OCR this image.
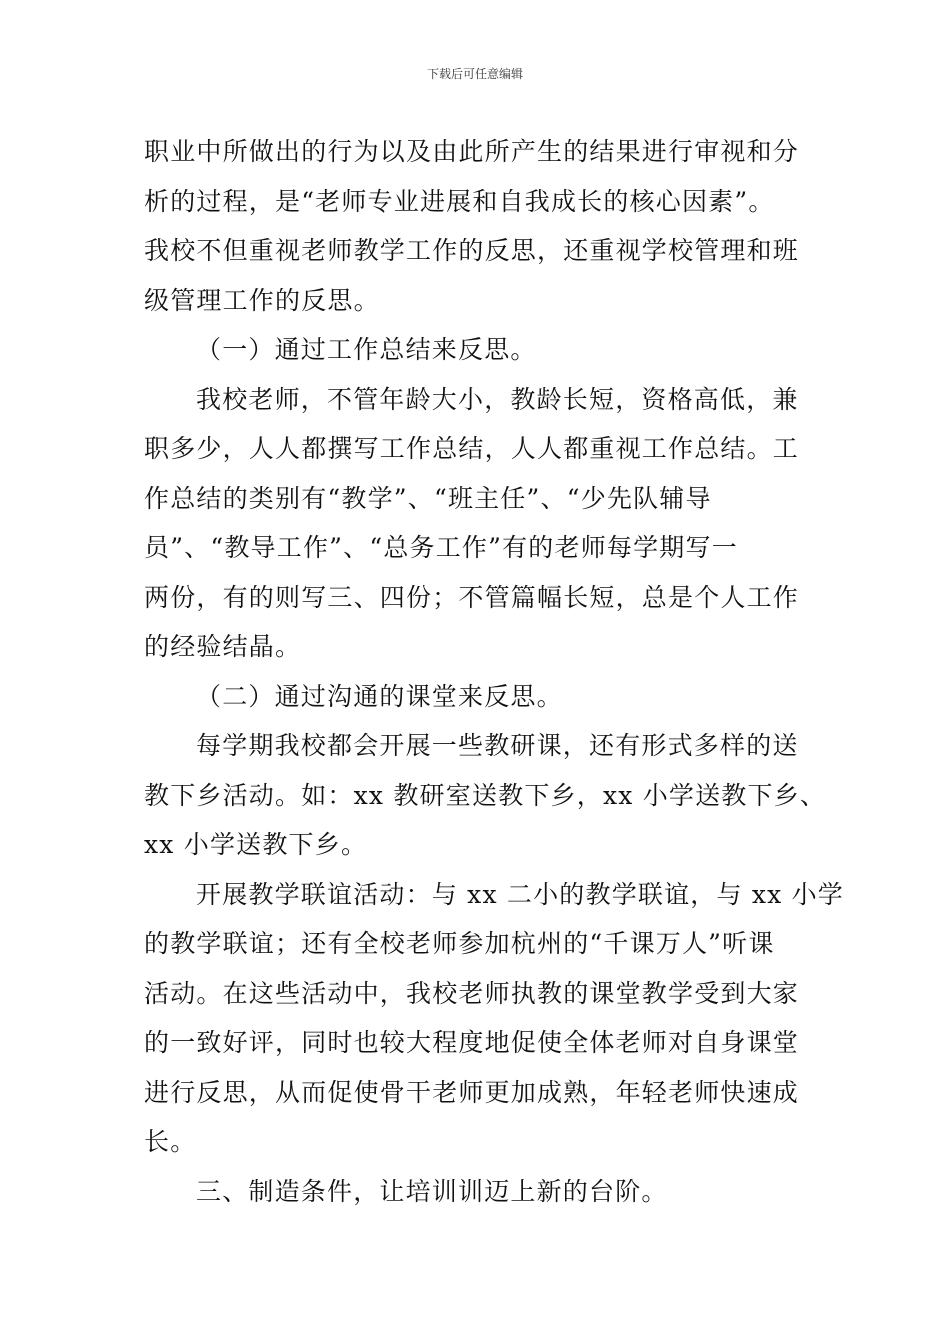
下载后可任意编辑
职业中所做出的行为以及由此所产生的结果进行审视和分
析的过程，是“老师专业进展和自我成长的核心因素”。
我校不但重视老师教学工作的反思，还重视学校管理和班
级管理工作的反思。
（一）通过工作总结来反思。
我校老师，不管年龄大小，教龄长短，资格高低，兼
职多少，人人都撰写工作总结，人人都重视工作总结。工
作总结的类别有“教学”、“班主任”、“少先队辅导
员”、“教导工作”、“总务工作”有的老师每学期写一
两份，有的则写三、四份；不管篇幅长短，总是个人工作
的经验结晶。
（二）通过沟通的课堂来反思。
每学期我校都会开展一些教研课，还有形式多样的送
教下乡活动。如：xx 教研室送教下乡，xx 小学送教下乡、
xx 小学送教下乡。
开展教学联谊活动：与 xx 二小的教学联谊，与 xx 小学
的教学联谊；还有全校老师参加杭州的“千课万人”听课
活动。在这些活动中，我校老师执教的课堂教学受到大家
的一致好评，同时也较大程度地促使全体老师对自身课堂
进行反思，从而促使骨干老师更加成熟，年轻老师快速成
长。
三、制造条件，让培训训迈上新的台阶。
